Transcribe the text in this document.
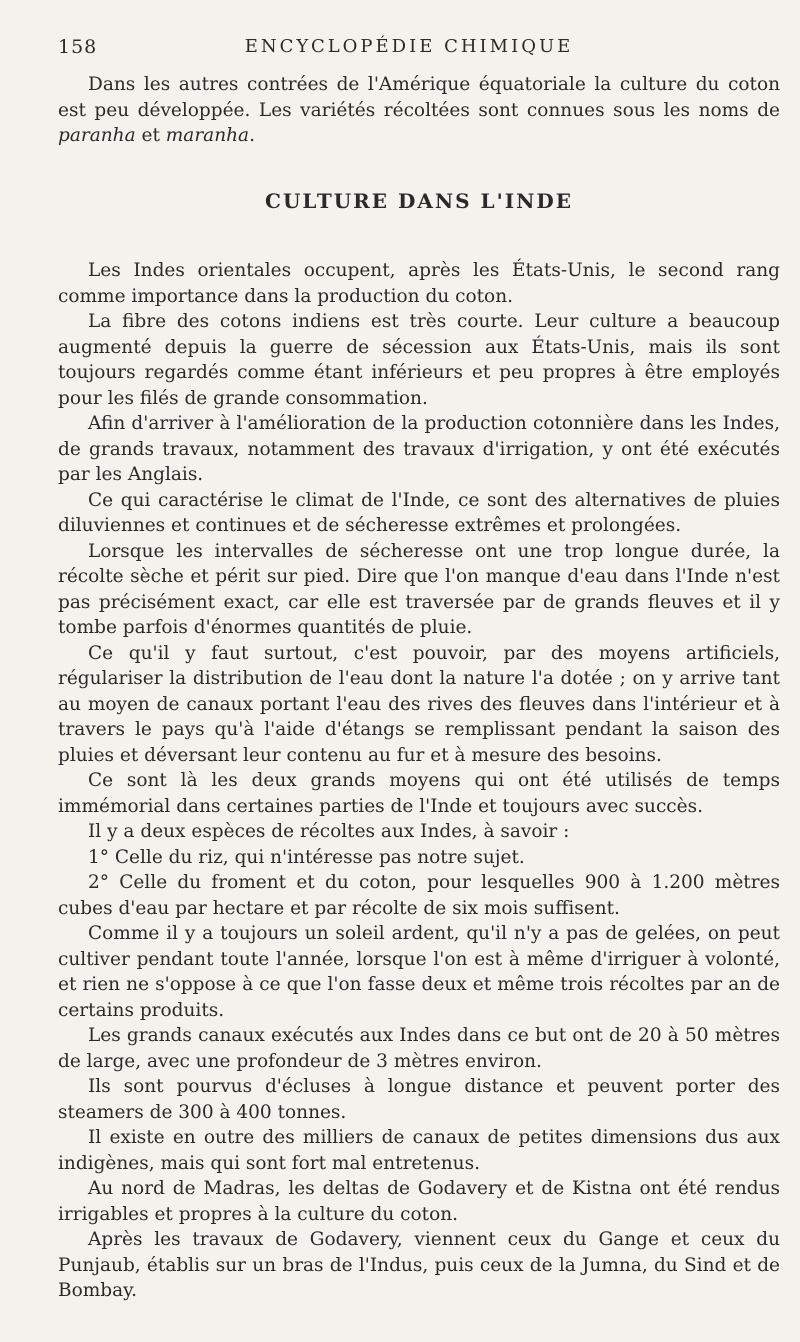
158	ENCYCLOPÉDIE CHIMIQUE

Dans les autres contrées de l'Amérique équatoriale la culture du coton est peu développée. Les variétés récoltées sont connues sous les noms de paranha et maranha.

CULTURE DANS L'INDE

Les Indes orientales occupent, après les États-Unis, le second rang comme importance dans la production du coton.

La fibre des cotons indiens est très courte. Leur culture a beaucoup augmenté depuis la guerre de sécession aux États-Unis, mais ils sont toujours regardés comme étant inférieurs et peu propres à être employés pour les filés de grande consommation.

Afin d'arriver à l'amélioration de la production cotonnière dans les Indes, de grands travaux, notamment des travaux d'irrigation, y ont été exécutés par les Anglais.

Ce qui caractérise le climat de l'Inde, ce sont des alternatives de pluies diluviennes et continues et de sécheresse extrêmes et prolongées.

Lorsque les intervalles de sécheresse ont une trop longue durée, la récolte sèche et périt sur pied. Dire que l'on manque d'eau dans l'Inde n'est pas précisément exact, car elle est traversée par de grands fleuves et il y tombe parfois d'énormes quantités de pluie.

Ce qu'il y faut surtout, c'est pouvoir, par des moyens artificiels, régulariser la distribution de l'eau dont la nature l'a dotée ; on y arrive tant au moyen de canaux portant l'eau des rives des fleuves dans l'intérieur et à travers le pays qu'à l'aide d'étangs se remplissant pendant la saison des pluies et déversant leur contenu au fur et à mesure des besoins.

Ce sont là les deux grands moyens qui ont été utilisés de temps immémorial dans certaines parties de l'Inde et toujours avec succès.

Il y a deux espèces de récoltes aux Indes, à savoir :

1° Celle du riz, qui n'intéresse pas notre sujet.

2° Celle du froment et du coton, pour lesquelles 900 à 1.200 mètres cubes d'eau par hectare et par récolte de six mois suffisent.

Comme il y a toujours un soleil ardent, qu'il n'y a pas de gelées, on peut cultiver pendant toute l'année, lorsque l'on est à même d'irriguer à volonté, et rien ne s'oppose à ce que l'on fasse deux et même trois récoltes par an de certains produits.

Les grands canaux exécutés aux Indes dans ce but ont de 20 à 50 mètres de large, avec une profondeur de 3 mètres environ.

Ils sont pourvus d'écluses à longue distance et peuvent porter des steamers de 300 à 400 tonnes.

Il existe en outre des milliers de canaux de petites dimensions dus aux indigènes, mais qui sont fort mal entretenus.

Au nord de Madras, les deltas de Godavery et de Kistna ont été rendus irrigables et propres à la culture du coton.

Après les travaux de Godavery, viennent ceux du Gange et ceux du Punjaub, établis sur un bras de l'Indus, puis ceux de la Jumna, du Sind et de Bombay.
